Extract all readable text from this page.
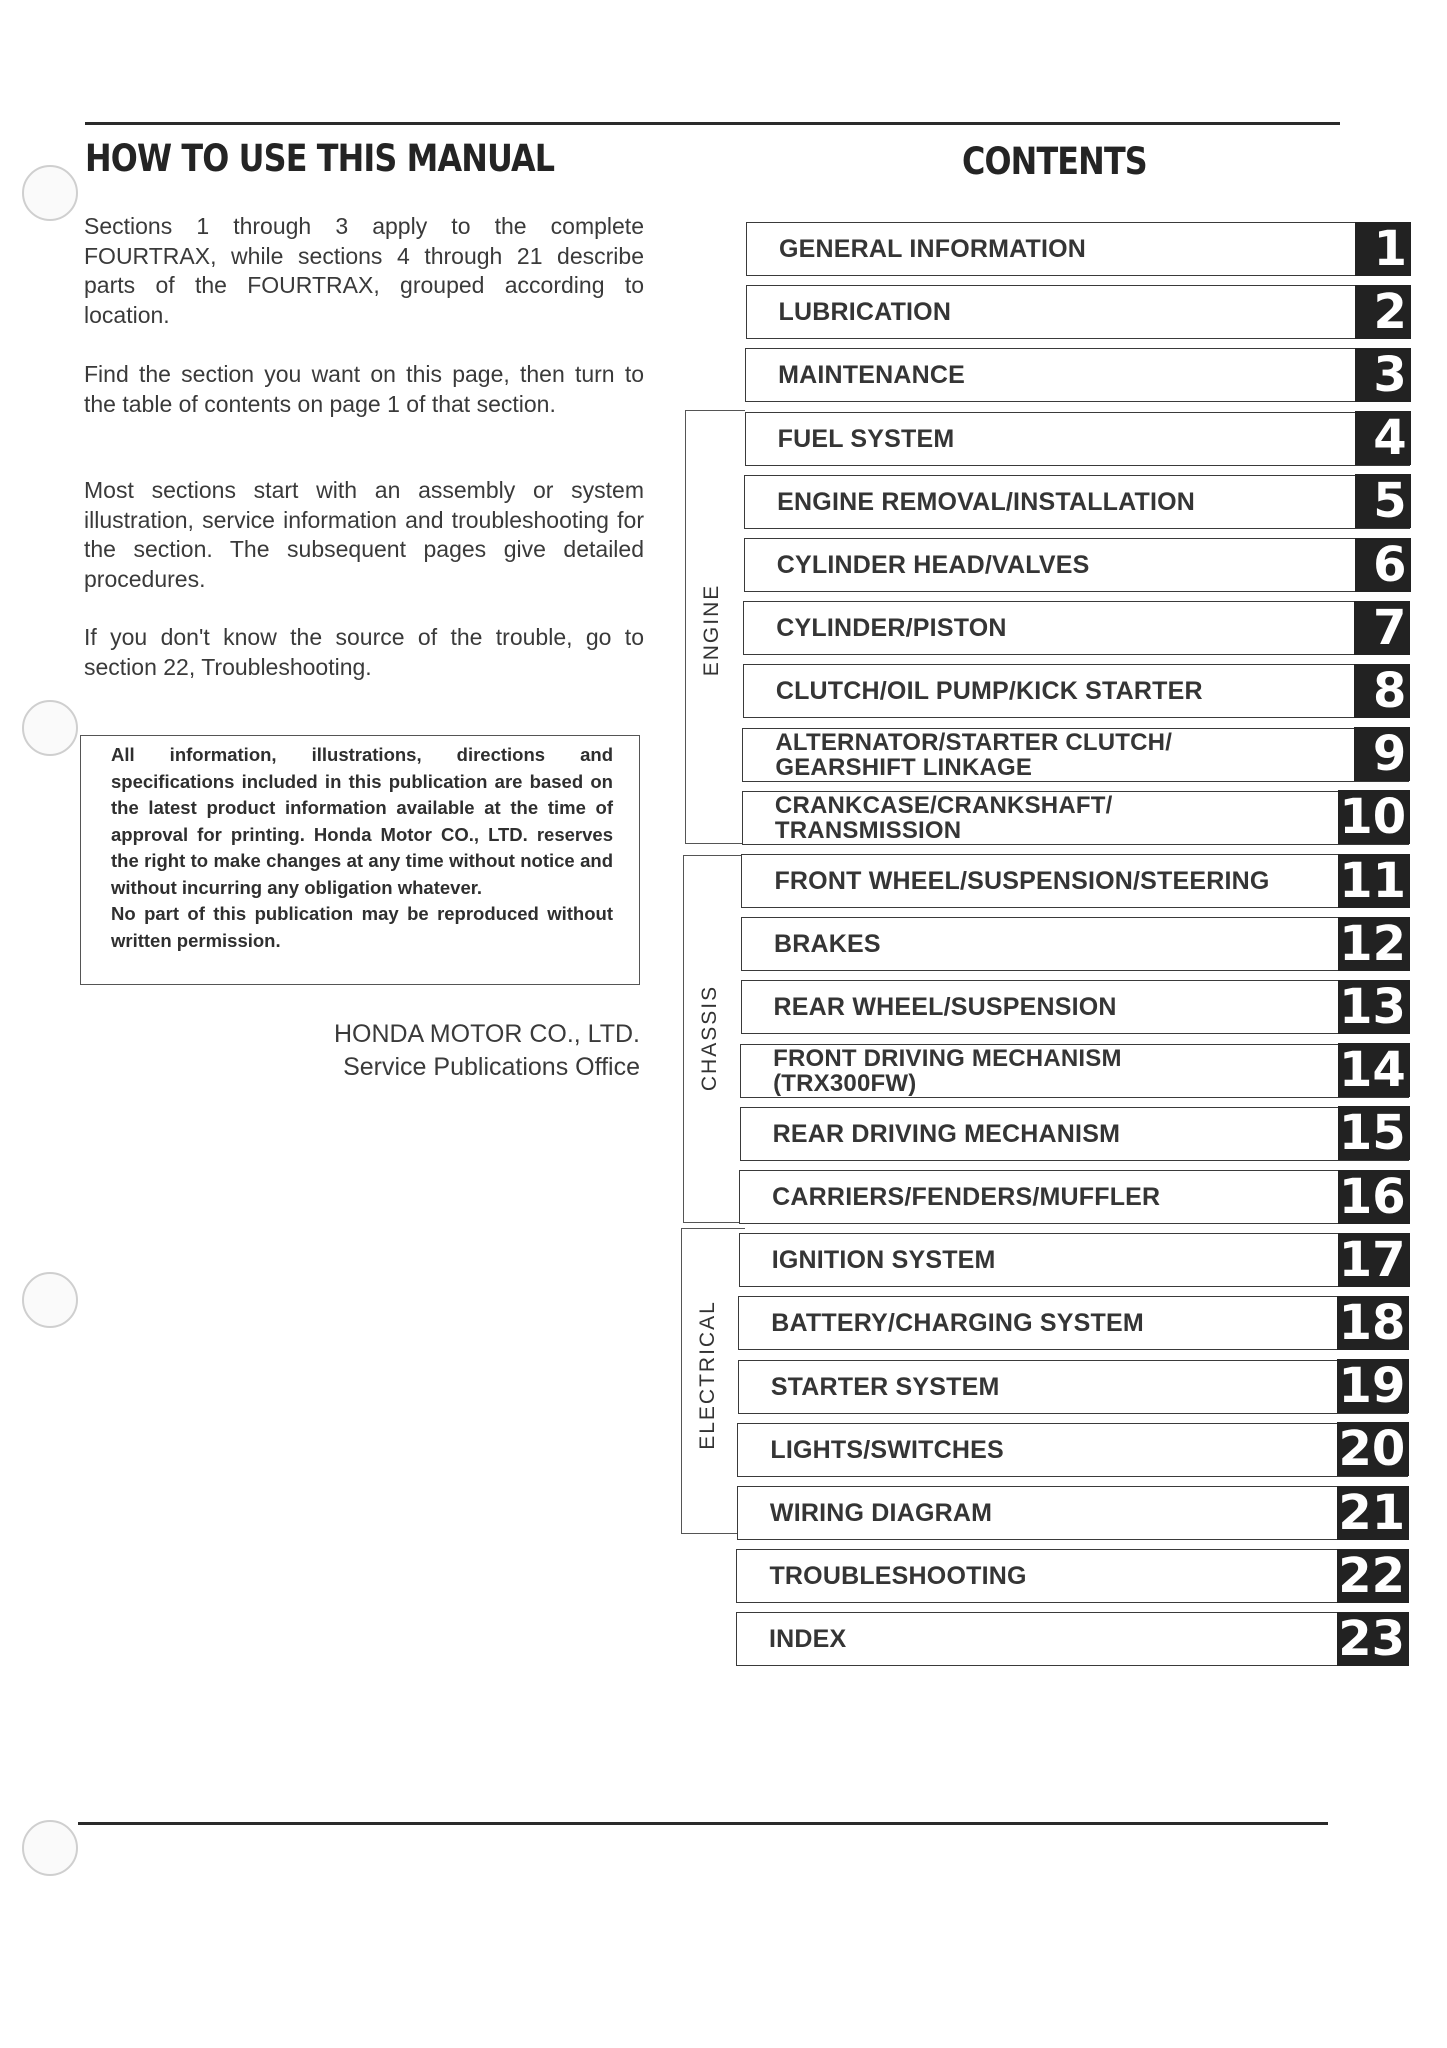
HOW TO USE THIS MANUAL	CONTENTS

Sections 1 through 3 apply to the complete FOURTRAX, while sections 4 through 21 describe parts of the FOURTRAX, grouped according to location.

Find the section you want on this page, then turn to the table of contents on page 1 of that section.

Most sections start with an assembly or system illustration, service information and troubleshooting for the section. The subsequent pages give detailed procedures.

If you don't know the source of the trouble, go to section 22, Troubleshooting.

All information, illustrations, directions and specifications included in this publication are based on the latest product information available at the time of approval for printing. Honda Motor CO., LTD. reserves the right to make changes at any time without notice and without incurring any obligation whatever.

No part of this publication may be reproduced without written permission.

HONDA MOTOR CO., LTD.
Service Publications Office
ENGINE
CHASSIS
ELECTRICAL
GENERAL INFORMATION	1
LUBRICATION	2
MAINTENANCE	3
FUEL SYSTEM	4
ENGINE REMOVAL/INSTALLATION	5
CYLINDER HEAD/VALVES	6
CYLINDER/PISTON	7
CLUTCH/OIL PUMP/KICK STARTER	8
ALTERNATOR/STARTER CLUTCH/
GEARSHIFT LINKAGE	9
CRANKCASE/CRANKSHAFT/
TRANSMISSION	10
FRONT WHEEL/SUSPENSION/STEERING 11
BRAKES	12
REAR WHEEL/SUSPENSION	13
FRONT DRIVING MECHANISM
(TRX300FW)	14
REAR DRIVING MECHANISM	15
CARRIERS/FENDERS/MUFFLER	16
IGNITION SYSTEM	17
BATTERY/CHARGING SYSTEM	18
STARTER SYSTEM	19
LIGHTS/SWITCHES	20
WIRING DIAGRAM	21
TROUBLESHOOTING	22
INDEX	23
